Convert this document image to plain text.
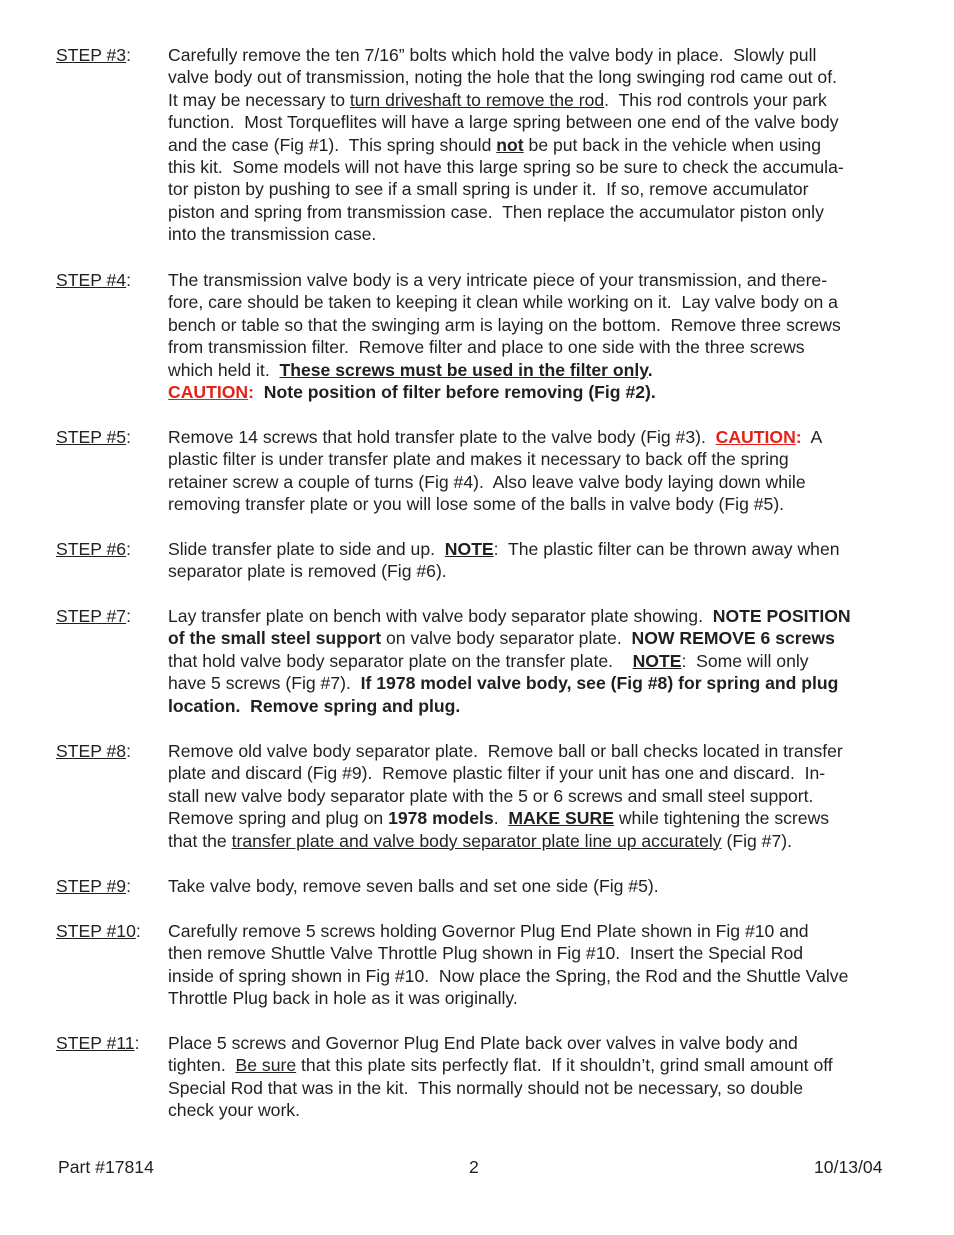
STEP #3: Carefully remove the ten 7/16” bolts which hold the valve body in place.  Slowly pull
valve body out of transmission, noting the hole that the long swinging rod came out of.
It may be necessary to turn driveshaft to remove the rod.  This rod controls your park
function.  Most Torqueflites will have a large spring between one end of the valve body
and the case (Fig #1).  This spring should not be put back in the vehicle when using
this kit.  Some models will not have this large spring so be sure to check the accumula-
tor piston by pushing to see if a small spring is under it.  If so, remove accumulator
piston and spring from transmission case.  Then replace the accumulator piston only
into the transmission case.
STEP #4: The transmission valve body is a very intricate piece of your transmission, and there-
fore, care should be taken to keeping it clean while working on it.  Lay valve body on a
bench or table so that the swinging arm is laying on the bottom.  Remove three screws
from transmission filter.  Remove filter and place to one side with the three screws
which held it.  These screws must be used in the filter only.
CAUTION:  Note position of filter before removing (Fig #2).
STEP #5: Remove 14 screws that hold transfer plate to the valve body (Fig #3).  CAUTION:  A
plastic filter is under transfer plate and makes it necessary to back off the spring
retainer screw a couple of turns (Fig #4).  Also leave valve body laying down while
removing transfer plate or you will lose some of the balls in valve body (Fig #5).
STEP #6: Slide transfer plate to side and up.  NOTE:  The plastic filter can be thrown away when
separator plate is removed (Fig #6).
STEP #7: Lay transfer plate on bench with valve body separator plate showing.  NOTE POSITION
of the small steel support on valve body separator plate.  NOW REMOVE 6 screws
that hold valve body separator plate on the transfer plate.    NOTE:  Some will only
have 5 screws (Fig #7).  If 1978 model valve body, see (Fig #8) for spring and plug
location.  Remove spring and plug.
STEP #8: Remove old valve body separator plate.  Remove ball or ball checks located in transfer
plate and discard (Fig #9).  Remove plastic filter if your unit has one and discard.  In-
stall new valve body separator plate with the 5 or 6 screws and small steel support.
Remove spring and plug on 1978 models.  MAKE SURE while tightening the screws
that the transfer plate and valve body separator plate line up accurately (Fig #7).
STEP #9: Take valve body, remove seven balls and set one side (Fig #5).
STEP #10: Carefully remove 5 screws holding Governor Plug End Plate shown in Fig #10 and
then remove Shuttle Valve Throttle Plug shown in Fig #10.  Insert the Special Rod
inside of spring shown in Fig #10.  Now place the Spring, the Rod and the Shuttle Valve
Throttle Plug back in hole as it was originally.
STEP #11: Place 5 screws and Governor Plug End Plate back over valves in valve body and
tighten.  Be sure that this plate sits perfectly flat.  If it shouldn’t, grind small amount off
Special Rod that was in the kit.  This normally should not be necessary, so double
check your work.
Part #17814	2	10/13/04
